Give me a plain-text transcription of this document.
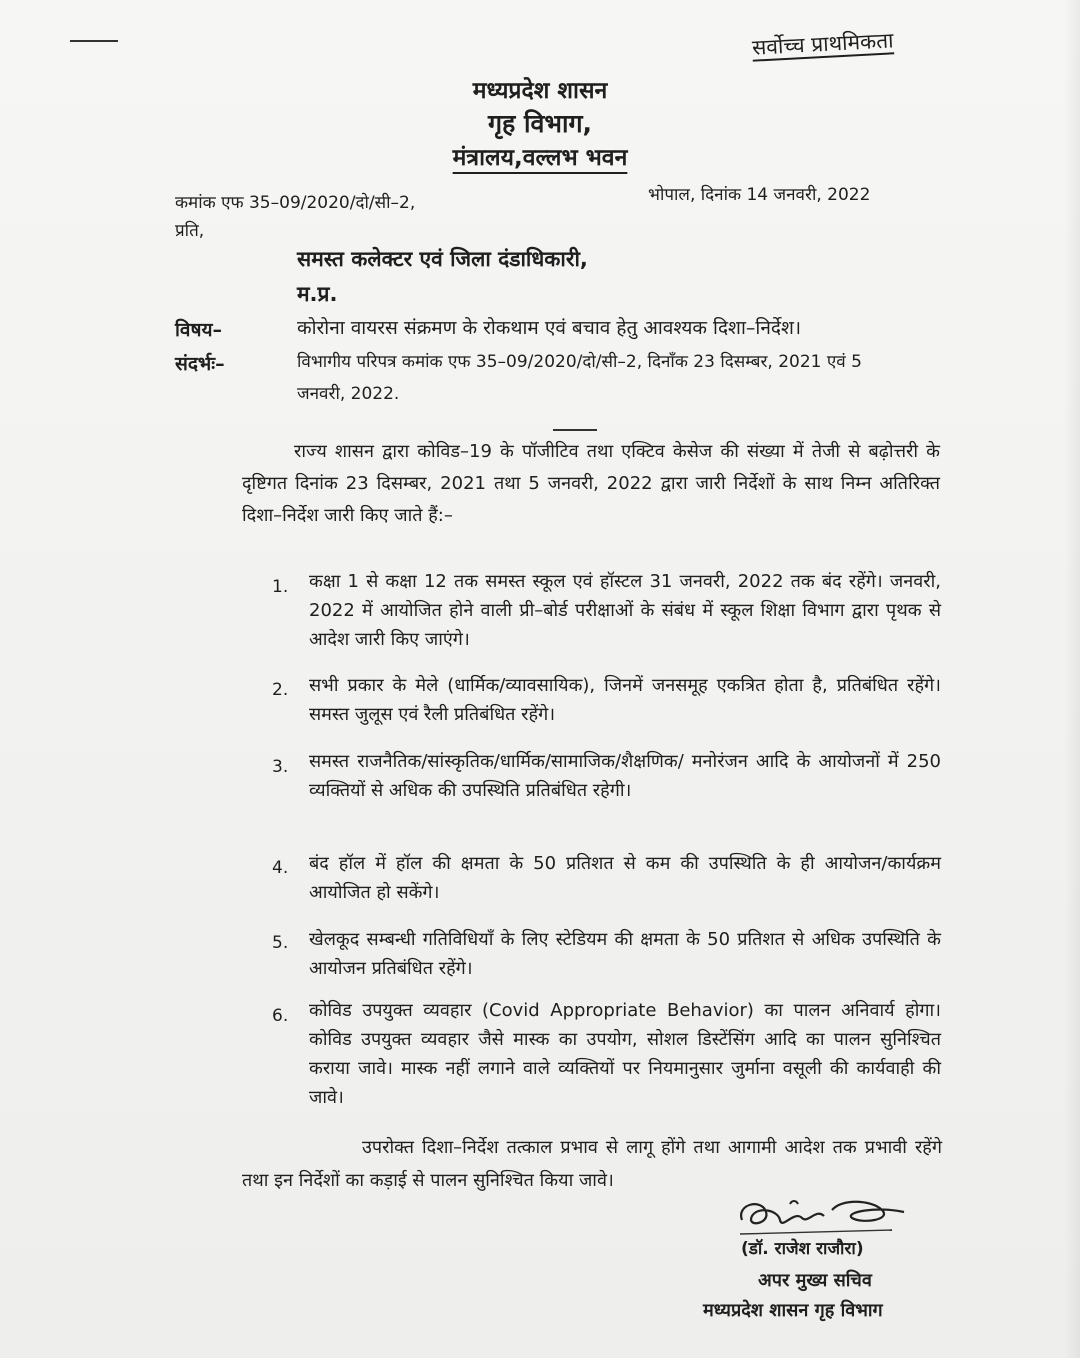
सर्वोच्च प्राथमिकता
मध्यप्रदेश शासन
गृह विभाग,
मंत्रालय,वल्लभ भवन
कमांक एफ 35–09/2020/दो/सी–2,	भोपाल, दिनांक 14 जनवरी, 2022
प्रति,
समस्त कलेक्टर एवं जिला दंडाधिकारी,
म.प्र.
विषय–	कोरोना वायरस संक्रमण के रोकथाम एवं बचाव हेतु आवश्यक दिशा–निर्देश।
संदर्भः–	विभागीय परिपत्र कमांक एफ 35–09/2020/दो/सी–2, दिनाँक 23 दिसम्बर, 2021 एवं 5 जनवरी, 2022.
राज्य शासन द्वारा कोविड–19 के पॉजीटिव तथा एक्टिव केसेज की संख्या में तेजी से बढ़ोत्तरी के दृष्टिगत दिनांक 23 दिसम्बर, 2021 तथा 5 जनवरी, 2022 द्वारा जारी निर्देशों के साथ निम्न अतिरिक्त दिशा–निर्देश जारी किए जाते हैं:–
1. कक्षा 1 से कक्षा 12 तक समस्त स्कूल एवं हॉस्टल 31 जनवरी, 2022 तक बंद रहेंगे। जनवरी, 2022 में आयोजित होने वाली प्री–बोर्ड परीक्षाओं के संबंध में स्कूल शिक्षा विभाग द्वारा पृथक से आदेश जारी किए जाएंगे।
2. सभी प्रकार के मेले (धार्मिक/व्यावसायिक), जिनमें जनसमूह एकत्रित होता है, प्रतिबंधित रहेंगे। समस्त जुलूस एवं रैली प्रतिबंधित रहेंगे।
3. समस्त राजनैतिक/सांस्कृतिक/धार्मिक/सामाजिक/शैक्षणिक/ मनोरंजन आदि के आयोजनों में 250 व्यक्तियों से अधिक की उपस्थिति प्रतिबंधित रहेगी।
4. बंद हॉल में हॉल की क्षमता के 50 प्रतिशत से कम की उपस्थिति के ही आयोजन/कार्यक्रम आयोजित हो सकेंगे।
5. खेलकूद सम्बन्धी गतिविधियाँ के लिए स्टेडियम की क्षमता के 50 प्रतिशत से अधिक उपस्थिति के आयोजन प्रतिबंधित रहेंगे।
6. कोविड उपयुक्त व्यवहार (Covid Appropriate Behavior) का पालन अनिवार्य होगा। कोविड उपयुक्त व्यवहार जैसे मास्क का उपयोग, सोशल डिस्टेंसिंग आदि का पालन सुनिश्चित कराया जावे। मास्क नहीं लगाने वाले व्यक्तियों पर नियमानुसार जुर्माना वसूली की कार्यवाही की जावे।
उपरोक्त दिशा–निर्देश तत्काल प्रभाव से लागू होंगे तथा आगामी आदेश तक प्रभावी रहेंगे तथा इन निर्देशों का कड़ाई से पालन सुनिश्चित किया जावे।
(डॉ. राजेश राजौरा)
अपर मुख्य सचिव
मध्यप्रदेश शासन गृह विभाग
